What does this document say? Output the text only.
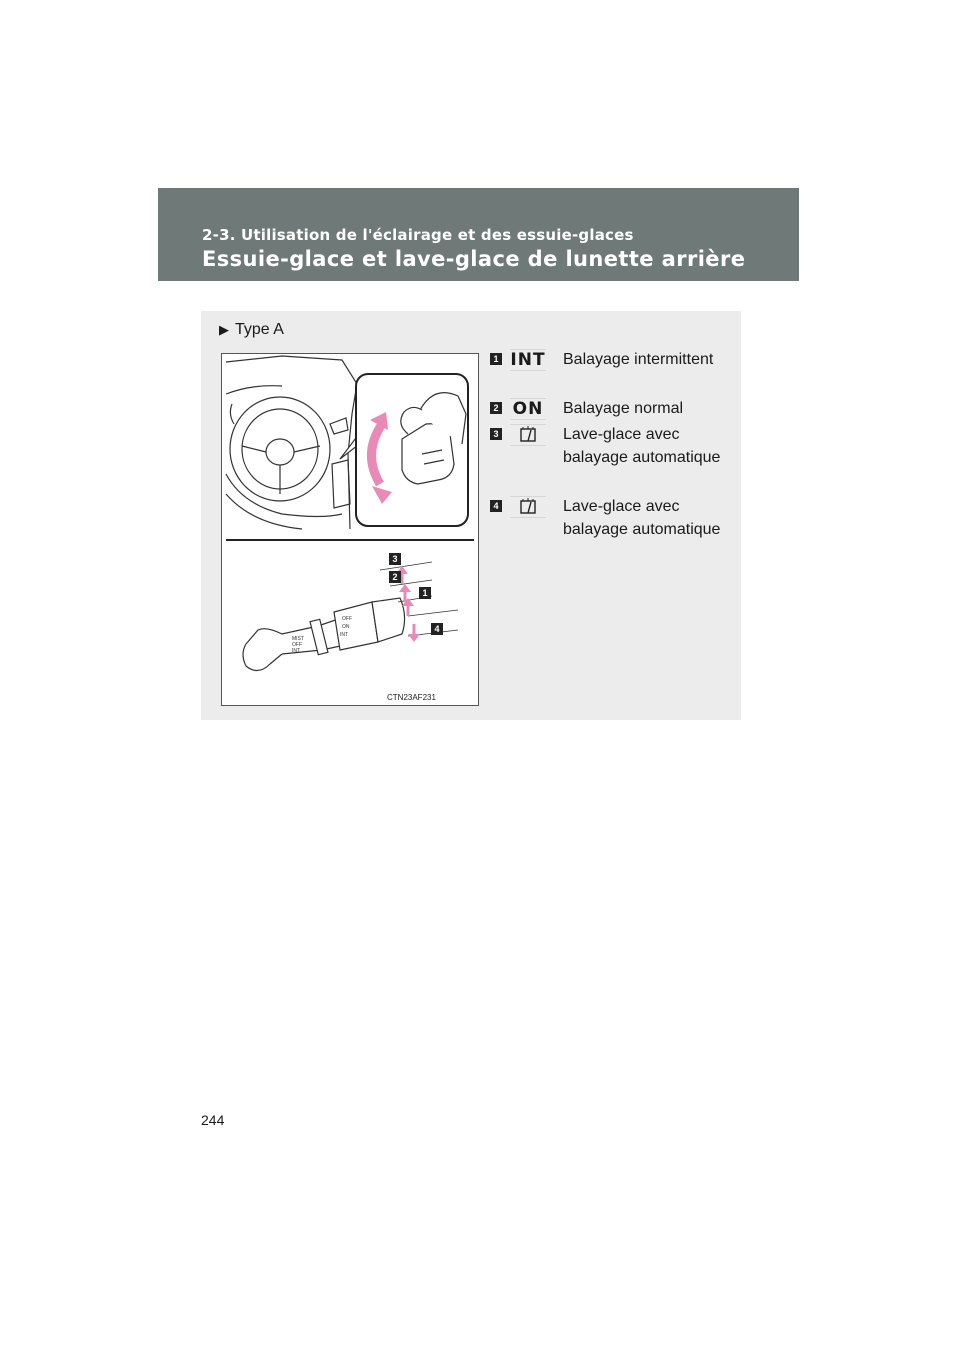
2-3. Utilisation de l'éclairage et des essuie-glaces
Essuie-glace et lave-glace de lunette arrière
▶ Type A
MIST
OFF
INT
OFF
ON
INT
CTN23AF231
3
2
1
4
1 INT Balayage intermittent
2 ON Balayage normal
3	Lave-glace avec balayage automatique
4	Lave-glace avec balayage automatique
244
